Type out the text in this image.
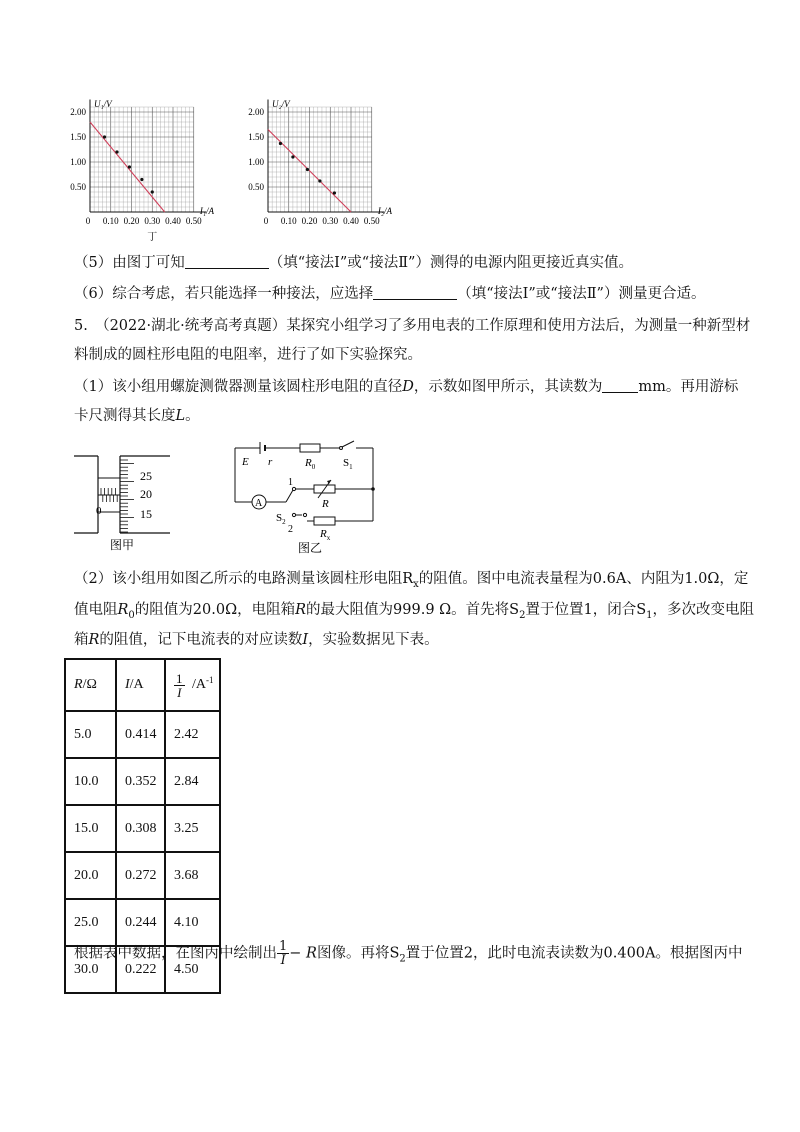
2.00
1.50
1.00
0.50
0.10 0.20 0.30 0.40 0.50
0
U₁/V
I₁/A
丁
2.00
1.50
1.00
0.50
0.10 0.20 0.30 0.40 0.50
0
U₂/V
I₂/A
（5）由图丁可知	（填“接法Ⅰ”或“接法Ⅱ”）测得的电源内阻更接近真实值。
（6）综合考虑，若只能选择一种接法，应选择	（填“接法Ⅰ”或“接法Ⅱ”）测量更合适。
5.　（2022·湖北·统考高考真题）某探究小组学习了多用电表的工作原理和使用方法后，为测量一种新型材
料制成的圆柱形电阻的电阻率，进行了如下实验探究。
（1）该小组用螺旋测微器测量该圆柱形电阻的直径D，示数如图甲所示，其读数为 mm。再用游标
卡尺测得其长度L。
25
20
15
0
图甲
E r	$R_0$	$S_1$
1
R
A
$S_2$
2 $R_x$
图乙
（2）该小组用如图乙所示的电路测量该圆柱形电阻$R_x$的阻值。图中电流表量程为0.6A、内阻为1.0Ω，定
值电阻$R_0$的阻值为20.0Ω，电阻箱R的最大阻值为999.9 Ω。首先将$S_2$置于位置1，闭合$S_1$，多次改变电阻
箱R的阻值，记下电流表的对应读数I，实验数据见下表。
R/Ω	I/A	$\frac{1}{I} /A^{-1}$
5.0	0.414	2.42
10.0	0.352	2.84
15.0	0.308	3.25
20.0	0.272	3.68
25.0	0.244	4.10
30.0	0.222	4.50
根据表中数据，在图丙中绘制出 $\frac{1}{I} - R$图像。再将$S_2$置于位置2，此时电流表读数为0.400A。根据图丙中
